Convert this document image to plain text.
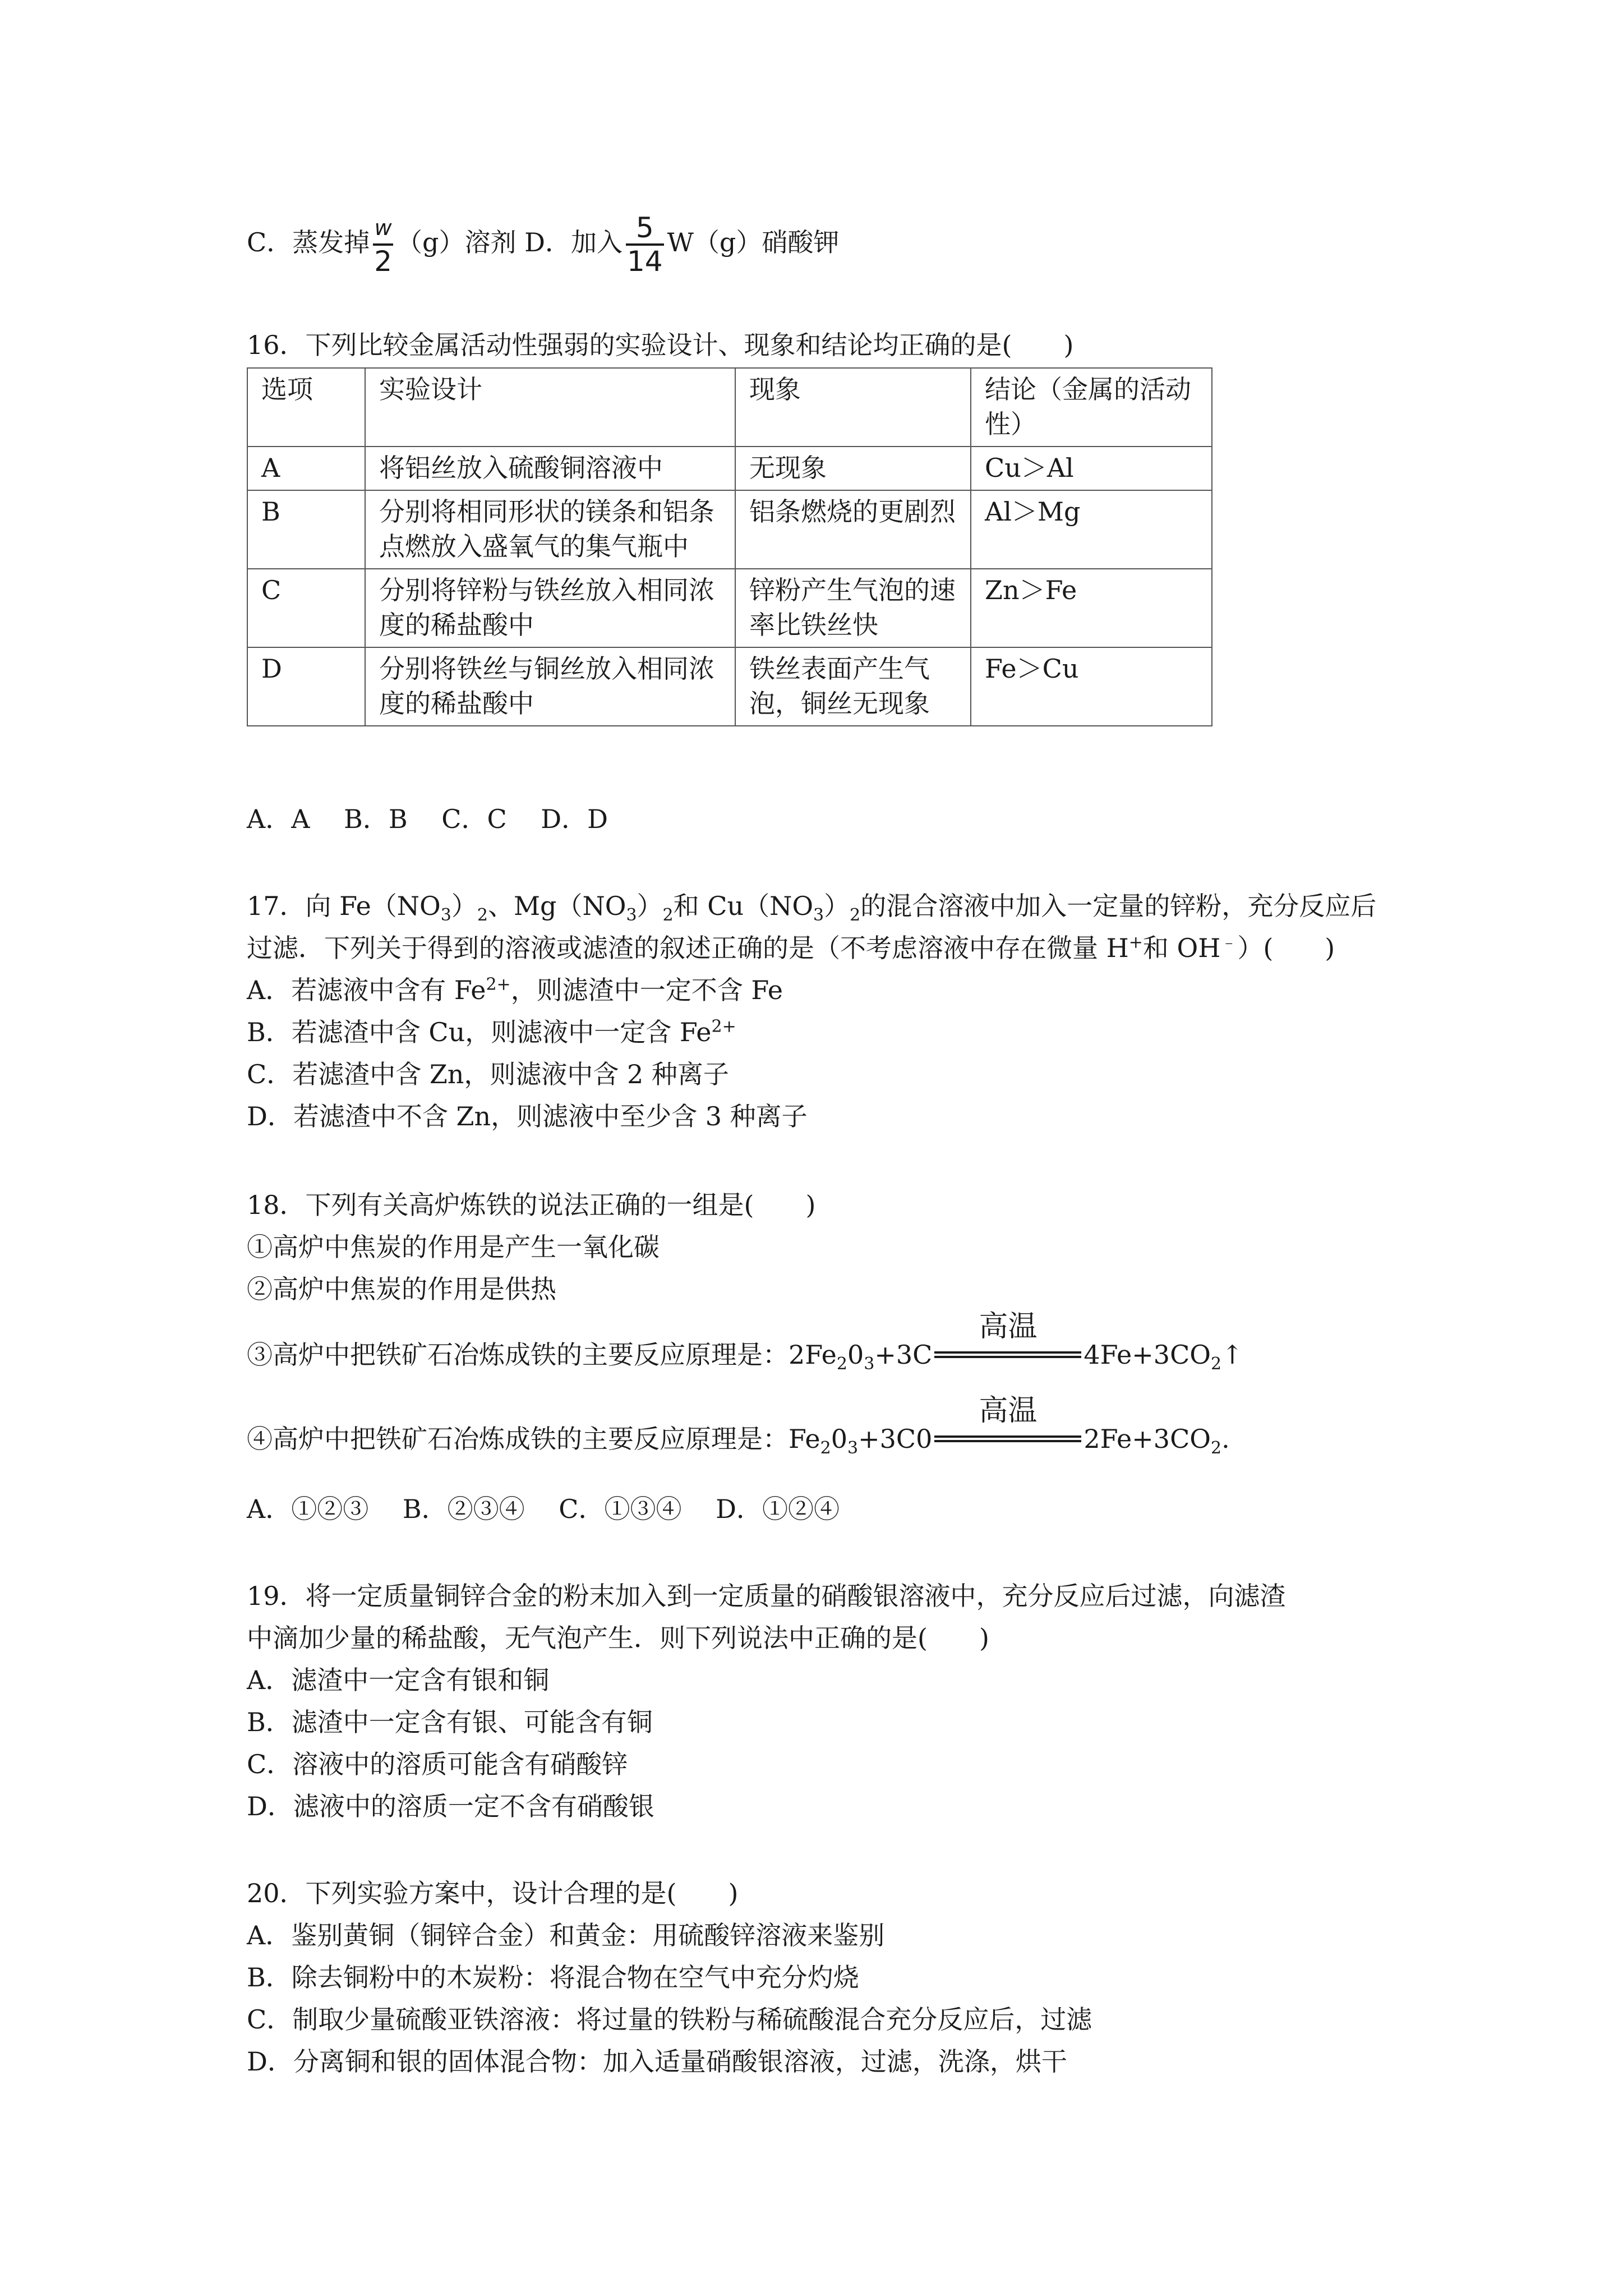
C．蒸发掉 $\frac{w}{2} (g)$溶剂 D．加入 $\frac{5}{14} W(g)$硝酸钾
16．下列比较金属活动性强弱的实验设计、现象和结论均正确的是(　　)
选项	实验设计	现象	结论（金属的活动性）
A	将铝丝放入硫酸铜溶液中	无现象	Cu＞Al
B	分别将相同形状的镁条和铝条点燃放入盛氧气的集气瓶中	铝条燃烧的更剧烈	Al＞Mg
C	分别将锌粉与铁丝放入相同浓度的稀盐酸中	锌粉产生气泡的速率比铁丝快	Zn＞Fe
D	分别将铁丝与铜丝放入相同浓度的稀盐酸中	铁丝表面产生气泡，铜丝无现象	Fe＞Cu
A．A　 B．B　 C．C　 D．D
17．向 $Fe(NO_3)_2$、$Mg(NO_3)_2$和 $Cu(NO_3)_2$的混合溶液中加入一定量的锌粉，充分反应后
过滤．下列关于得到的溶液或滤渣的叙述正确的是（不考虑溶液中存在微量 H+和 OH﹣）(　　)
A．若滤液中含有 $Fe^{2+}$，则滤渣中一定不含 Fe
B．若滤渣中含 Cu，则滤液中一定含 $Fe^{2+}$
C．若滤渣中含 Zn，则滤液中含 2 种离子
D．若滤渣中不含 Zn，则滤液中至少含 3 种离子
18．下列有关高炉炼铁的说法正确的一组是(　　)
①高炉中焦炭的作用是产生一氧化碳
②高炉中焦炭的作用是供热
③高炉中把铁矿石冶炼成铁的主要反应原理是：$2Fe_20_3+3C$
高温
$4Fe+3CO_2↑$
④高炉中把铁矿石冶炼成铁的主要反应原理是：$Fe_20_3+3C0$
高温
$2Fe+3CO_2$.
A．①②③　 B．②③④　 C．①③④　 D．①②④
19．将一定质量铜锌合金的粉末加入到一定质量的硝酸银溶液中，充分反应后过滤，向滤渣
中滴加少量的稀盐酸，无气泡产生．则下列说法中正确的是(　　)
A．滤渣中一定含有银和铜
B．滤渣中一定含有银、可能含有铜
C．溶液中的溶质可能含有硝酸锌
D．滤液中的溶质一定不含有硝酸银
20．下列实验方案中，设计合理的是(　　)
A．鉴别黄铜（铜锌合金）和黄金：用硫酸锌溶液来鉴别
B．除去铜粉中的木炭粉：将混合物在空气中充分灼烧
C．制取少量硫酸亚铁溶液：将过量的铁粉与稀硫酸混合充分反应后，过滤
D．分离铜和银的固体混合物：加入适量硝酸银溶液，过滤，洗涤，烘干
